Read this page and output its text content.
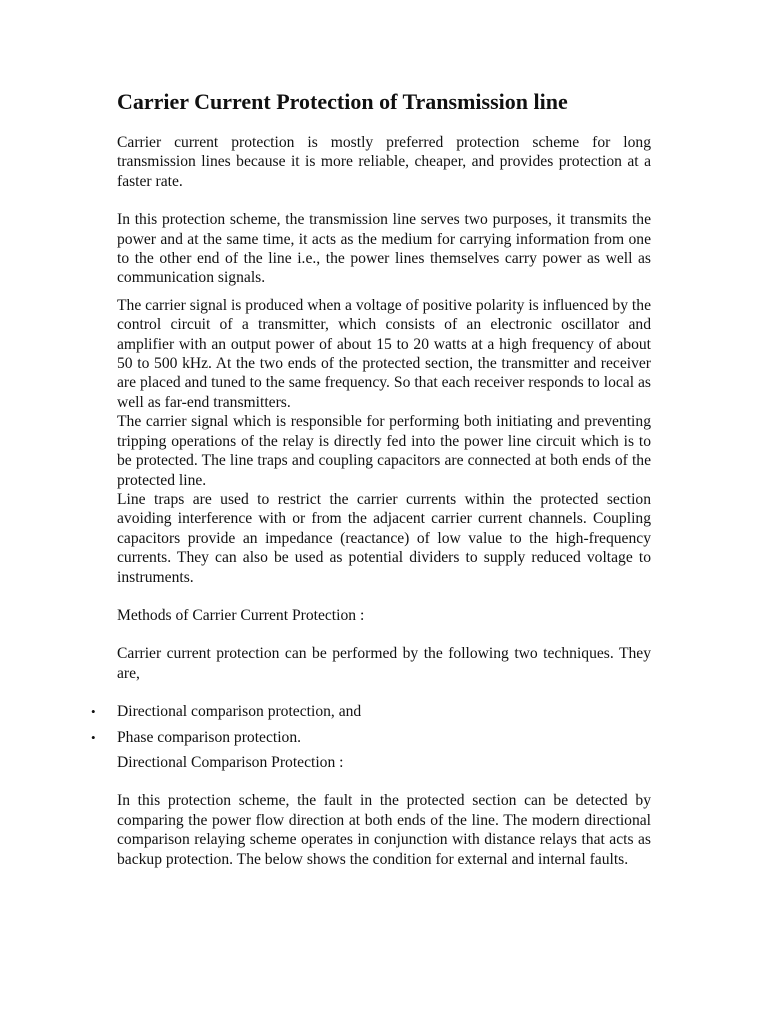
Carrier Current Protection of Transmission line

Carrier current protection is mostly preferred protection scheme for long transmission lines because it is more reliable, cheaper, and provides protection at a faster rate.

In this protection scheme, the transmission line serves two purposes, it transmits the power and at the same time, it acts as the medium for carrying information from one to the other end of the line i.e., the power lines themselves carry power as well as communication signals.

The carrier signal is produced when a voltage of positive polarity is influenced by the control circuit of a transmitter, which consists of an electronic oscillator and amplifier with an output power of about 15 to 20 watts at a high frequency of about 50 to 500 kHz. At the two ends of the protected section, the transmitter and receiver are placed and tuned to the same frequency. So that each receiver responds to local as well as far-end transmitters.

The carrier signal which is responsible for performing both initiating and preventing tripping operations of the relay is directly fed into the power line circuit which is to be protected. The line traps and coupling capacitors are connected at both ends of the protected line.

Line traps are used to restrict the carrier currents within the protected section avoiding interference with or from the adjacent carrier current channels. Coupling capacitors provide an impedance (reactance) of low value to the high-frequency currents. They can also be used as potential dividers to supply reduced voltage to instruments.

Methods of Carrier Current Protection :

Carrier current protection can be performed by the following two techniques. They are,

• Directional comparison protection, and
• Phase comparison protection.

Directional Comparison Protection :

In this protection scheme, the fault in the protected section can be detected by comparing the power flow direction at both ends of the line. The modern directional comparison relaying scheme operates in conjunction with distance relays that acts as backup protection. The below shows the condition for external and internal faults.
